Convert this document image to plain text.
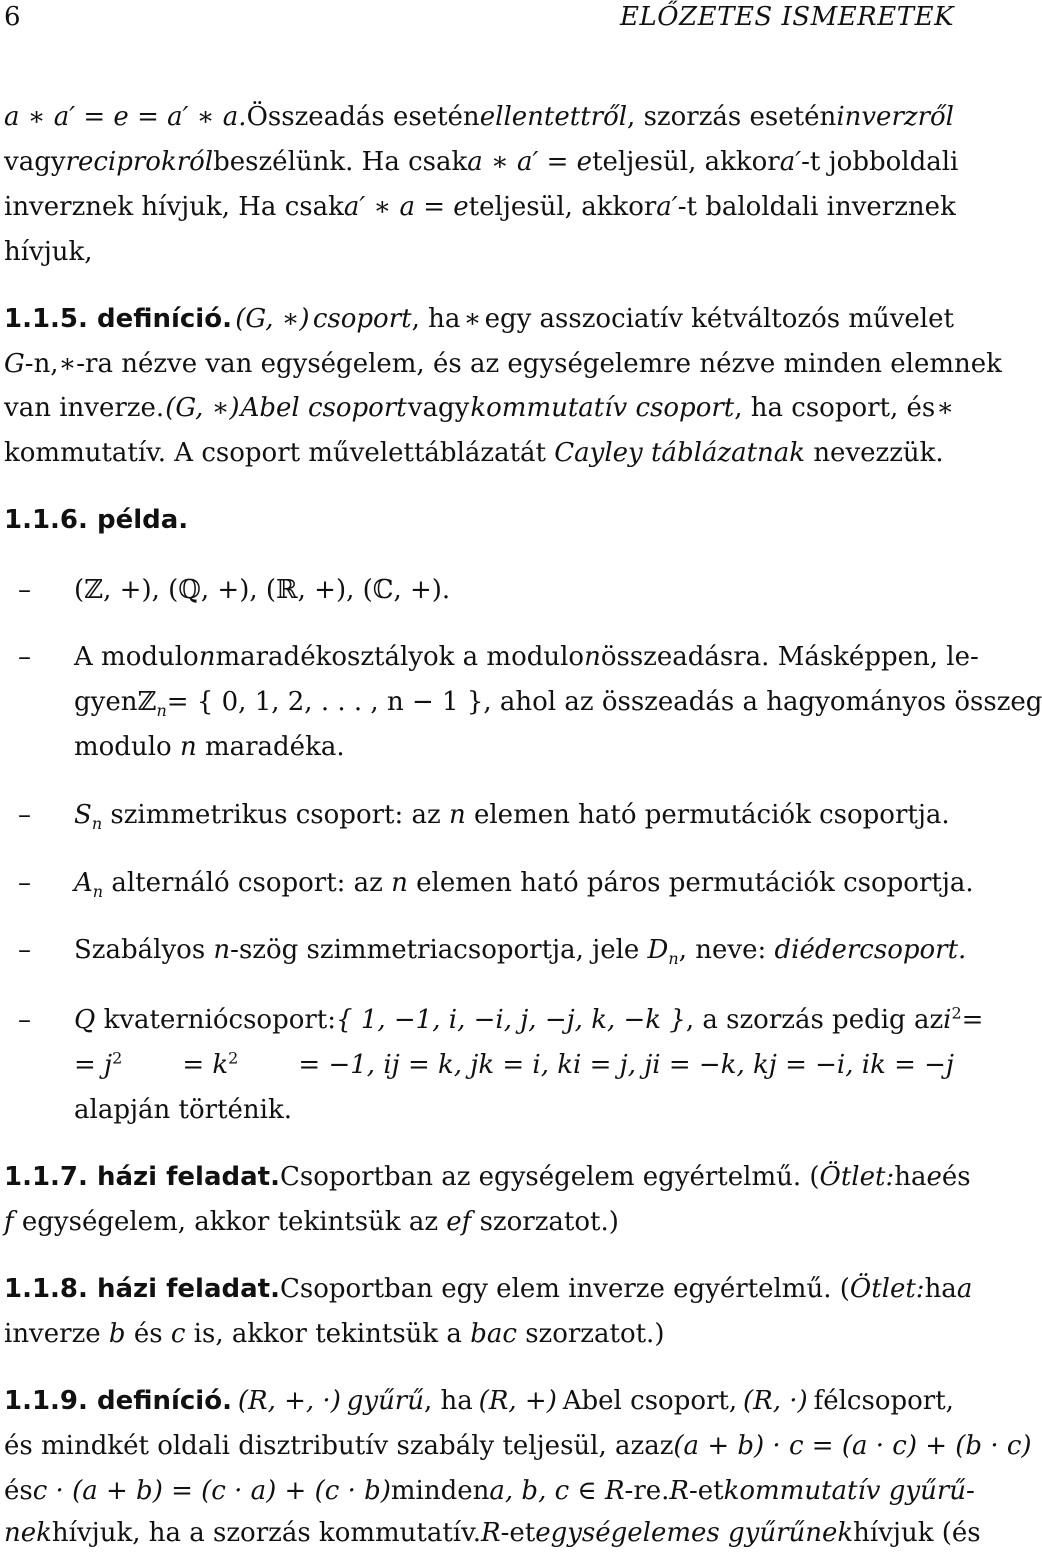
6	ELŐZETES ISMERETEK
a ∗ a′ = e = a′ ∗ a. Összeadás esetén ellentettről, szorzás esetén inverzről
vagy reciprokról beszélünk. Ha csak a ∗ a′ = e teljesül, akkor a′-t jobboldali
inverznek hívjuk, Ha csak a′ ∗ a = e teljesül, akkor a′-t baloldali inverznek
hívjuk,
1.1.5. definíció. (G, ∗) csoport, ha ∗ egy asszociatív kétváltozós művelet
G-n, ∗-ra nézve van egységelem, és az egységelemre nézve minden elemnek
van inverze. (G, ∗) Abel csoport vagy kommutatív csoport, ha csoport, és ∗
kommutatív. A csoport művelettáblázatát Cayley táblázatnak nevezzük.
1.1.6. példa.
–	(ℤ, +), (ℚ, +), (ℝ, +), (ℂ, +).
–	A modulo n maradékosztályok a modulo n összeadásra. Másképpen, le-
gyen ℤ$_n$ = { 0, 1, 2, . . . , n − 1 }, ahol az összeadás a hagyományos összeg
modulo n maradéka.
–	$S_n$ szimmetrikus csoport: az n elemen ható permutációk csoportja.
–	$A_n$ alternáló csoport: az n elemen ható páros permutációk csoportja.
–	Szabályos n-szög szimmetriacsoportja, jele $D_n$, neve: diédercsoport.
–	Q kvaterniócsoport: { 1, −1, i, −i, j, −j, k, −k } , a szorzás pedig az $i^2$ =
= $j^2 = k^2 = -1$, ij = k, jk = i, ki = j, ji = −k, kj = −i, ik = −j
alapján történik.
1.1.7. házi feladat. Csoportban az egységelem egyértelmű. (Ötlet: ha e és
f egységelem, akkor tekintsük az ef szorzatot.)
1.1.8. házi feladat. Csoportban egy elem inverze egyértelmű. (Ötlet: ha a
inverze b és c is, akkor tekintsük a bac szorzatot.)
1.1.9. definíció. (R, +, ·) gyűrű, ha (R, +) Abel csoport, (R, ·) félcsoport,
és mindkét oldali disztributív szabály teljesül, azaz (a + b) · c = (a · c) + (b · c)
és c · (a + b) = (c · a) + (c · b) minden a, b, c ∈ R-re. R-et kommutatív gyűrű-
nek hívjuk, ha a szorzás kommutatív. R-et egységelemes gyűrűnek hívjuk (és
